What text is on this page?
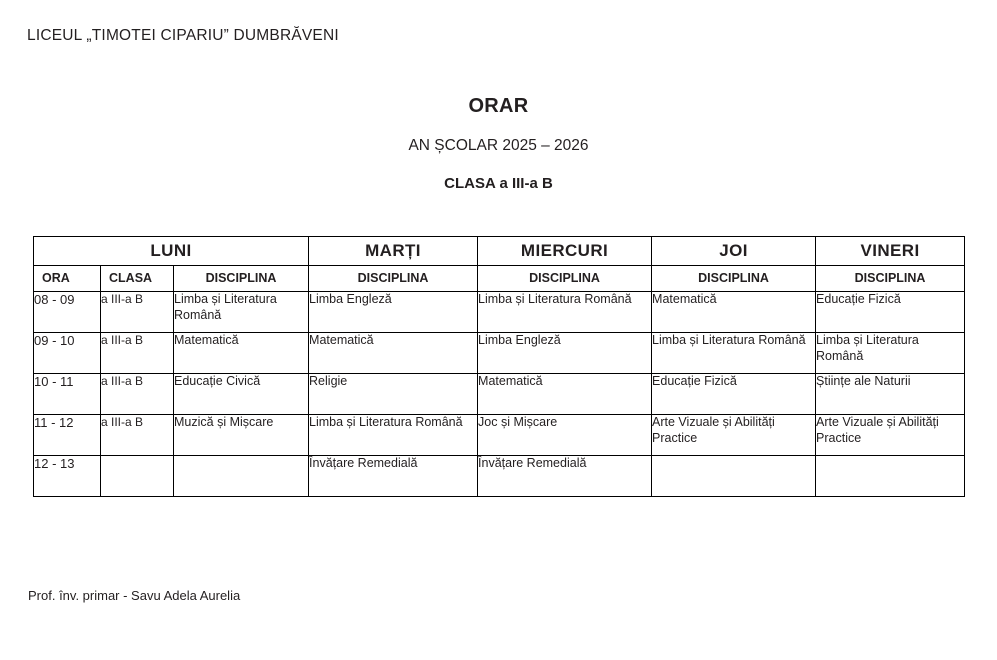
LICEUL „TIMOTEI CIPARIU” DUMBRĂVENI
ORAR
AN ȘCOLAR 2025 – 2026
CLASA a III-a B
LUNI			MARȚI	MIERCURI	JOI	VINERI
ORA	CLASA	DISCIPLINA	DISCIPLINA	DISCIPLINA	DISCIPLINA	DISCIPLINA
08 - 09	a III-a B	Limba și Literatura Română	Limba Engleză	Limba și Literatura Română	Matematică	Educație Fizică
09 - 10	a III-a B	Matematică	Matematică	Limba Engleză	Limba și Literatura Română	Limba și Literatura Română
10 - 11	a III-a B	Educație Civică	Religie	Matematică	Educație Fizică	Științe ale Naturii
11 - 12	a III-a B	Muzică și Mișcare	Limba și Literatura Română	Joc și Mișcare	Arte Vizuale și Abilități Practice	Arte Vizuale și Abilități Practice
12 - 13			Învățare Remedială	Învățare Remedială		
Prof. înv. primar - Savu Adela Aurelia
